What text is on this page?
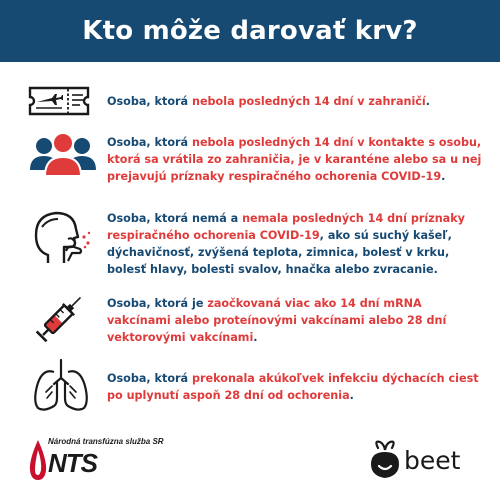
Kto môže darovať krv?
Osoba, ktorá nebola posledných 14 dní v zahraničí.
Osoba, ktorá nebola posledných 14 dní v kontakte s osobu, ktorá sa vrátila zo zahraničia, je v karanténe alebo sa u nej prejavujú príznaky respiračného ochorenia COVID-19.
Osoba, ktorá nemá a nemala posledných 14 dní príznaky respiračného ochorenia COVID-19, ako sú suchý kašeľ, dýchavičnosť, zvýšená teplota, zimnica, bolesť v krku, bolesť hlavy, bolesti svalov, hnačka alebo zvracanie.
Osoba, ktorá je zaočkovaná viac ako 14 dní mRNA vakcínami alebo proteínovými vakcínami alebo 28 dní vektorovými vakcínami.
Osoba, ktorá prekonala akúkoľvek infekciu dýchacích ciest po uplynutí aspoň 28 dní od ochorenia.
Národná transfúzna služba SR
NTS	beet
